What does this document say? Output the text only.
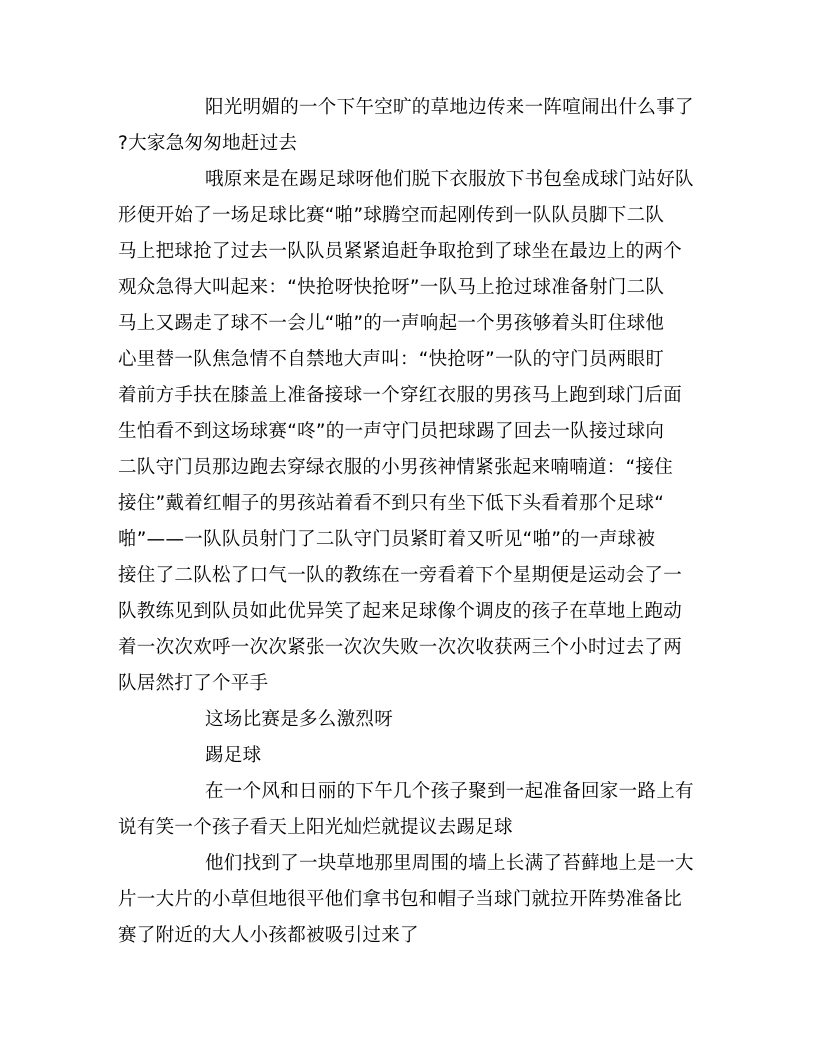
阳光明媚的一个下午空旷的草地边传来一阵喧闹出什么事了
?大家急匆匆地赶过去
哦原来是在踢足球呀他们脱下衣服放下书包垒成球门站好队
形便开始了一场足球比赛“啪”球腾空而起刚传到一队队员脚下二队
马上把球抢了过去一队队员紧紧追赶争取抢到了球坐在最边上的两个
观众急得大叫起来：“快抢呀快抢呀”一队马上抢过球准备射门二队
马上又踢走了球不一会儿“啪”的一声响起一个男孩够着头盯住球他
心里替一队焦急情不自禁地大声叫：“快抢呀”一队的守门员两眼盯
着前方手扶在膝盖上准备接球一个穿红衣服的男孩马上跑到球门后面
生怕看不到这场球赛“咚”的一声守门员把球踢了回去一队接过球向
二队守门员那边跑去穿绿衣服的小男孩神情紧张起来喃喃道：“接住
接住”戴着红帽子的男孩站着看不到只有坐下低下头看着那个足球“
啪”——一队队员射门了二队守门员紧盯着又听见“啪”的一声球被
接住了二队松了口气一队的教练在一旁看着下个星期便是运动会了一
队教练见到队员如此优异笑了起来足球像个调皮的孩子在草地上跑动
着一次次欢呼一次次紧张一次次失败一次次收获两三个小时过去了两
队居然打了个平手
这场比赛是多么激烈呀
踢足球
在一个风和日丽的下午几个孩子聚到一起准备回家一路上有
说有笑一个孩子看天上阳光灿烂就提议去踢足球
他们找到了一块草地那里周围的墙上长满了苔藓地上是一大
片一大片的小草但地很平他们拿书包和帽子当球门就拉开阵势准备比
赛了附近的大人小孩都被吸引过来了
